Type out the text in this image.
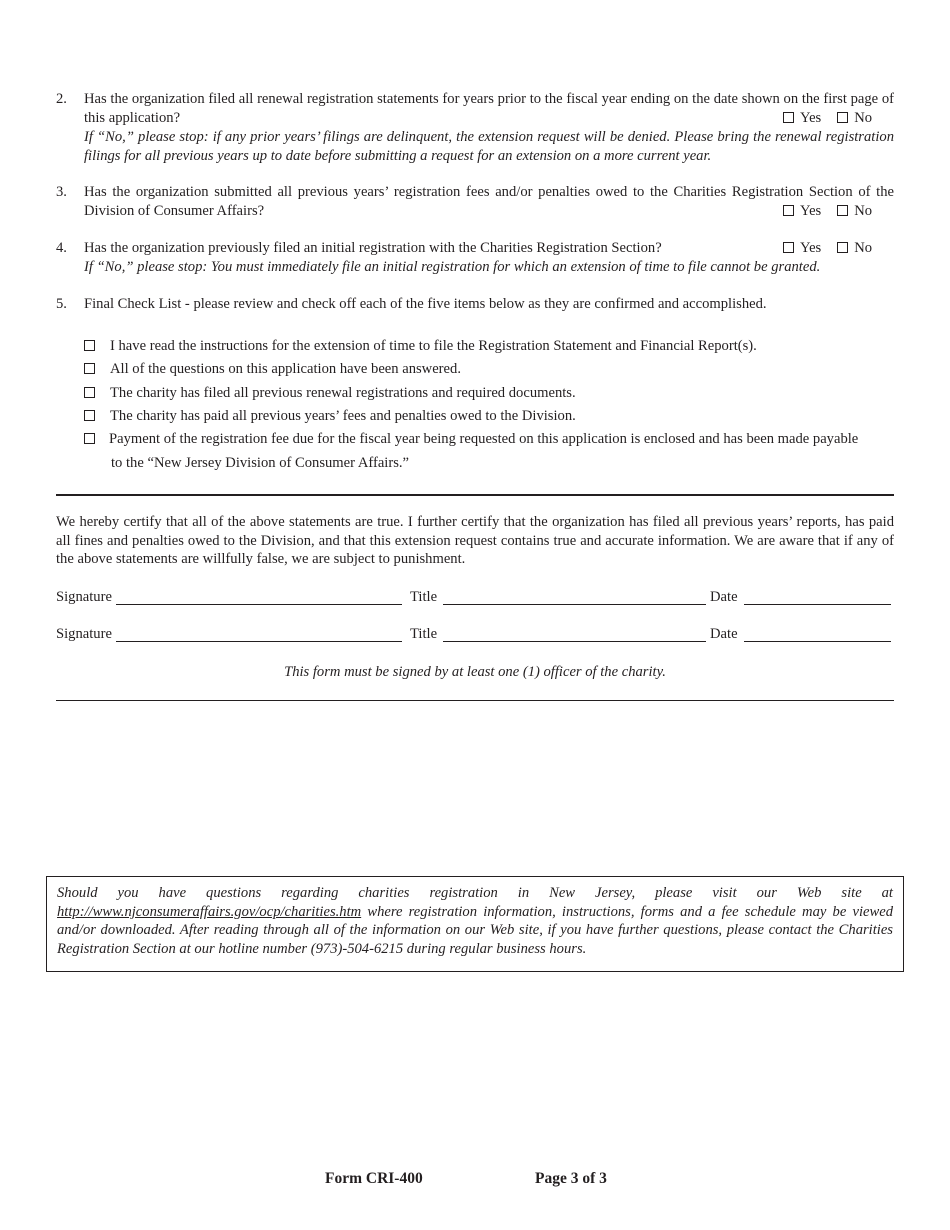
2. Has the organization filed all renewal registration statements for years prior to the fiscal year ending on the date shown on the first page of this application?	Yes No
If “No,” please stop: if any prior years’ filings are delinquent, the extension request will be denied. Please bring the renewal registration filings for all previous years up to date before submitting a request for an extension on a more current year.
3. Has the organization submitted all previous years’ registration fees and/or penalties owed to the Charities Registration Section of the Division of Consumer Affairs?	Yes No
4. Has the organization previously filed an initial registration with the Charities Registration Section?	Yes No
If “No,” please stop: You must immediately file an initial registration for which an extension of time to file cannot be granted.
5. Final Check List - please review and check off each of the five items below as they are confirmed and accomplished.
I have read the instructions for the extension of time to file the Registration Statement and Financial Report(s).
All of the questions on this application have been answered.
The charity has filed all previous renewal registrations and required documents.
The charity has paid all previous years’ fees and penalties owed to the Division.
Payment of the registration fee due for the fiscal year being requested on this application is enclosed and has been made payable
to the “New Jersey Division of Consumer Affairs.”
We hereby certify that all of the above statements are true. I further certify that the organization has filed all previous years’ reports, has paid all fines and penalties owed to the Division, and that this extension request contains true and accurate information. We are aware that if any of the above statements are willfully false, we are subject to punishment.
Signature	Title	Date
Signature	Title	Date
This form must be signed by at least one (1) officer of the charity.

Should you have questions regarding charities registration in New Jersey, please visit our Web site at http://www.njconsumeraffairs.gov/ocp/charities.htm where registration information, instructions, forms and a fee schedule may be viewed and/or downloaded. After reading through all of the information on our Web site, if you have further questions, please contact the Charities Registration Section at our hotline number (973)-504-6215 during regular business hours.

Form CRI-400	Page 3 of 3
